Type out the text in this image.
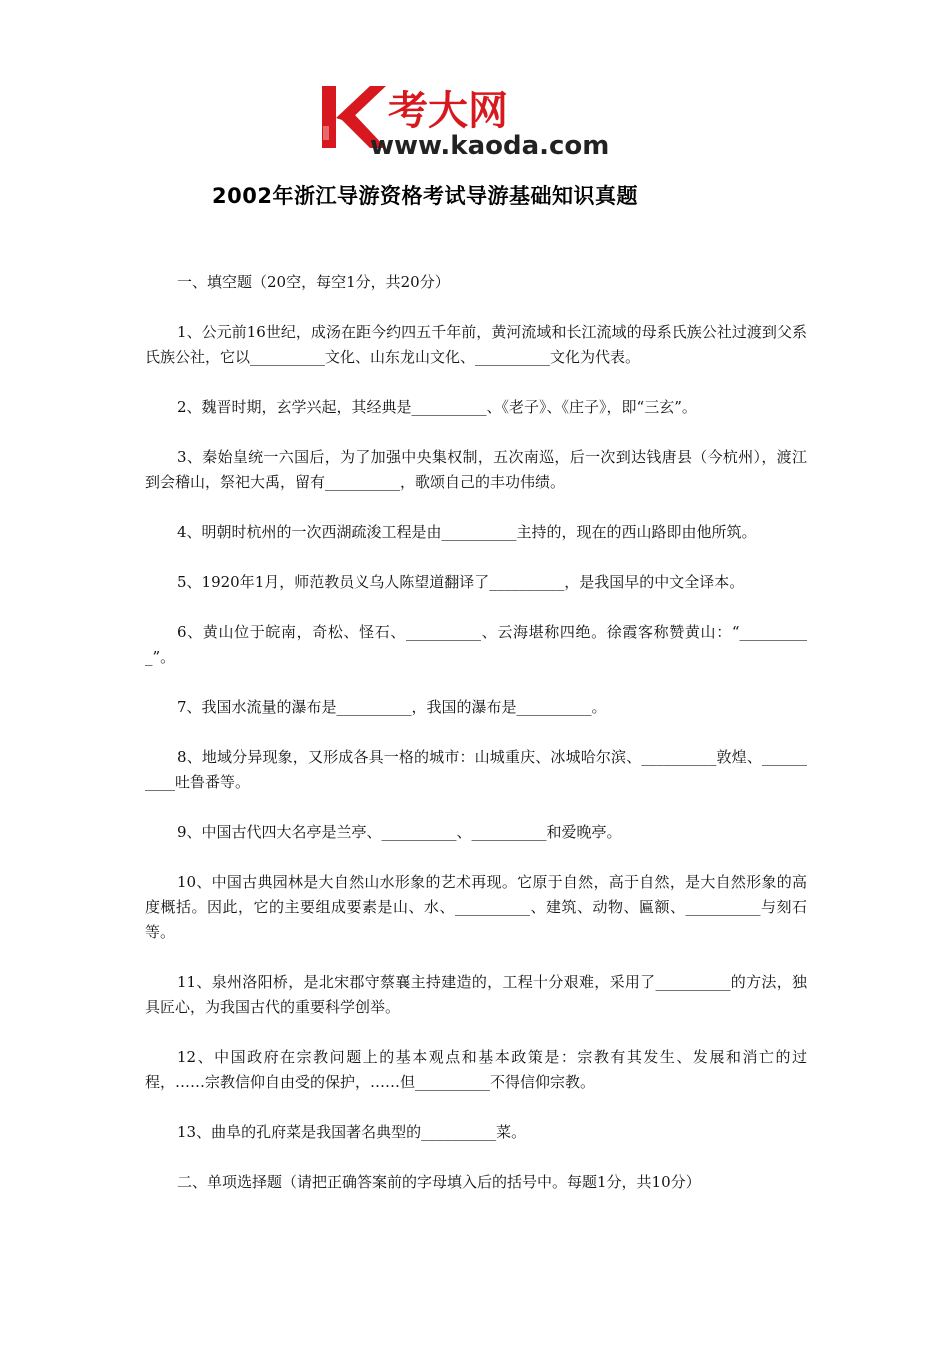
考大网
www.kaoda.com
2002年浙江导游资格考试导游基础知识真题

一、填空题（20空，每空1分，共20分）

1、公元前16世纪，成汤在距今约四五千年前，黄河流域和长江流域的母系氏族公社过渡到父系氏族公社，它以__________文化、山东龙山文化、__________文化为代表。

2、魏晋时期，玄学兴起，其经典是__________、《老子》、《庄子》，即“三玄”。

3、秦始皇统一六国后，为了加强中央集权制，五次南巡，后一次到达钱唐县（今杭州），渡江到会稽山，祭祀大禹，留有__________，歌颂自己的丰功伟绩。

4、明朝时杭州的一次西湖疏浚工程是由__________主持的，现在的西山路即由他所筑。

5、1920年1月，师范教员义乌人陈望道翻译了__________，是我国早的中文全译本。

6、黄山位于皖南，奇松、怪石、__________、云海堪称四绝。徐霞客称赞黄山：“__________”。

7、我国水流量的瀑布是__________，我国的瀑布是__________。

8、地域分异现象，又形成各具一格的城市：山城重庆、冰城哈尔滨、__________敦煌、__________吐鲁番等。

9、中国古代四大名亭是兰亭、__________、__________和爱晚亭。

10、中国古典园林是大自然山水形象的艺术再现。它原于自然，高于自然，是大自然形象的高度概括。因此，它的主要组成要素是山、水、__________、建筑、动物、匾额、__________与刻石等。

11、泉州洛阳桥，是北宋郡守蔡襄主持建造的，工程十分艰难，采用了__________的方法，独具匠心，为我国古代的重要科学创举。

12、中国政府在宗教问题上的基本观点和基本政策是：宗教有其发生、发展和消亡的过程，……宗教信仰自由受的保护，……但__________不得信仰宗教。

13、曲阜的孔府菜是我国著名典型的__________菜。

二、单项选择题（请把正确答案前的字母填入后的括号中。每题1分，共10分）
